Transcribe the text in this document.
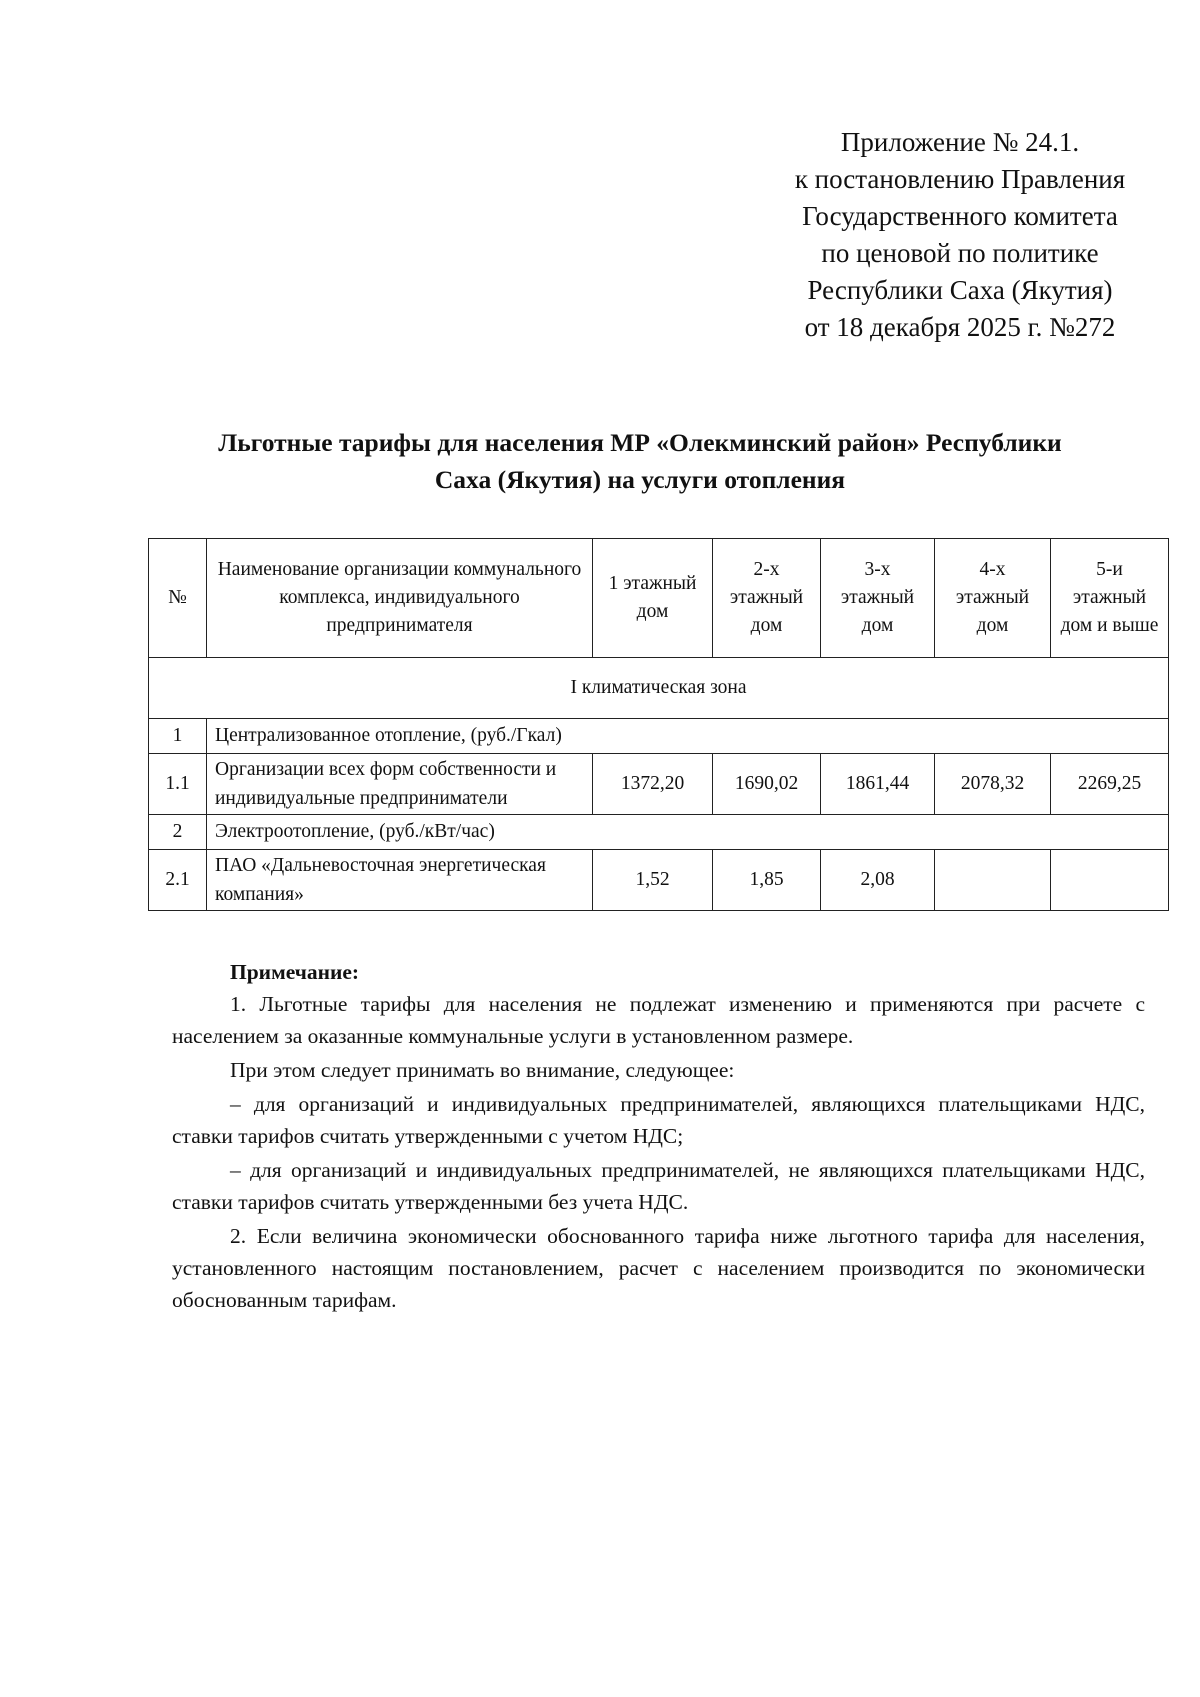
Приложение № 24.1.
к постановлению Правления
Государственного комитета
по ценовой по политике
Республики Саха (Якутия)
от 18 декабря 2025 г. №272
Льготные тарифы для населения МР «Олекминский район» Республики
Саха (Якутия) на услуги отопления
№	Наименование организации коммунального комплекса, индивидуального предпринимателя	1 этажный дом	2-х этажный дом	3-х этажный дом	4-х этажный дом	5-и этажный дом и выше
I климатическая зона						
1	Централизованное отопление, (руб./Гкал)					
1.1	Организации всех форм собственности и индивидуальные предприниматели	1372,20	1690,02	1861,44	2078,32	2269,25
2	Электроотопление, (руб./кВт/час)					
2.1	ПАО «Дальневосточная энергетическая компания»	1,52	1,85	2,08		
Примечание:

1. Льготные тарифы для населения не подлежат изменению и применяются при расчете с населением за оказанные коммунальные услуги в установленном размере.

При этом следует принимать во внимание, следующее:

– для организаций и индивидуальных предпринимателей, являющихся плательщиками НДС, ставки тарифов считать утвержденными с учетом НДС;

– для организаций и индивидуальных предпринимателей, не являющихся плательщиками НДС, ставки тарифов считать утвержденными без учета НДС.

2. Если величина экономически обоснованного тарифа ниже льготного тарифа для населения, установленного настоящим постановлением, расчет с населением производится по экономически обоснованным тарифам.
